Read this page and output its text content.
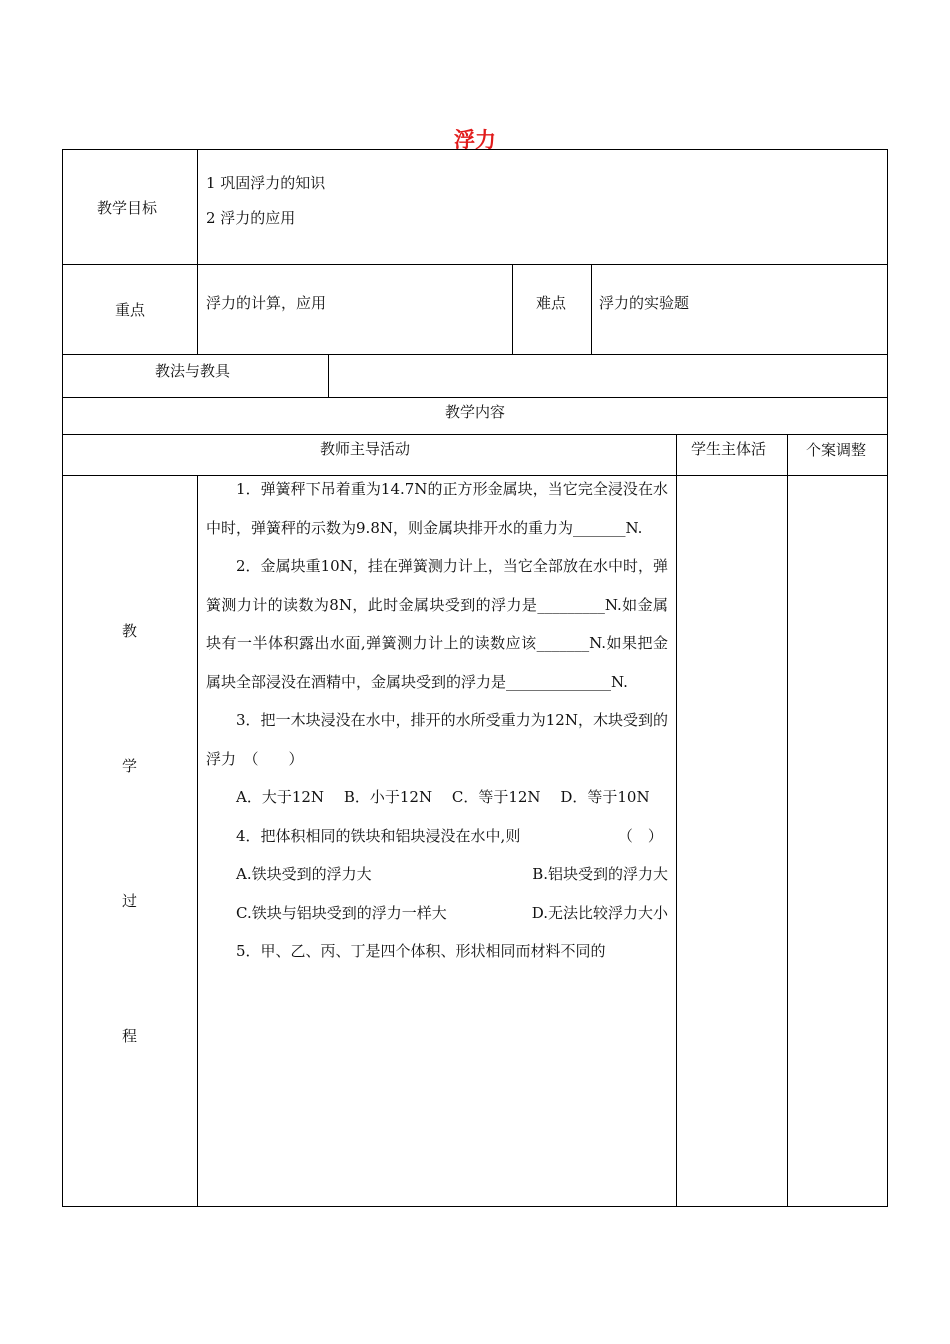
浮力
教学目标
1 巩固浮力的知识
2 浮力的应用
重点	浮力的计算，应用	难点 浮力的实验题
教法与教具
教学内容
教师主导活动	学生主体活	个案调整
教
学
过
程

1．弹簧秤下吊着重为14.7N的正方形金属块，当它完全浸没在水中时，弹簧秤的示数为9.8N，则金属块排开水的重力为_______N.

2．金属块重10N，挂在弹簧测力计上，当它全部放在水中时，弹簧测力计的读数为8N，此时金属块受到的浮力是_________N.如金属块有一半体积露出水面,弹簧测力计上的读数应该_______N.如果把金属块全部浸没在酒精中，金属块受到的浮力是______________N.

3．把一木块浸没在水中，排开的水所受重力为12N，木块受到的浮力　（　　）

A．大于12N　 B．小于12N　 C．等于12N　 D．等于10N

4．把体积相同的铁块和铝块浸没在水中,则　　　　　　　（　）

A.铁块受到的浮力大	B.铝块受到的浮力大

C.铁块与铝块受到的浮力一样大	D.无法比较浮力大小

5．甲、乙、丙、丁是四个体积、形状相同而材料不同的
